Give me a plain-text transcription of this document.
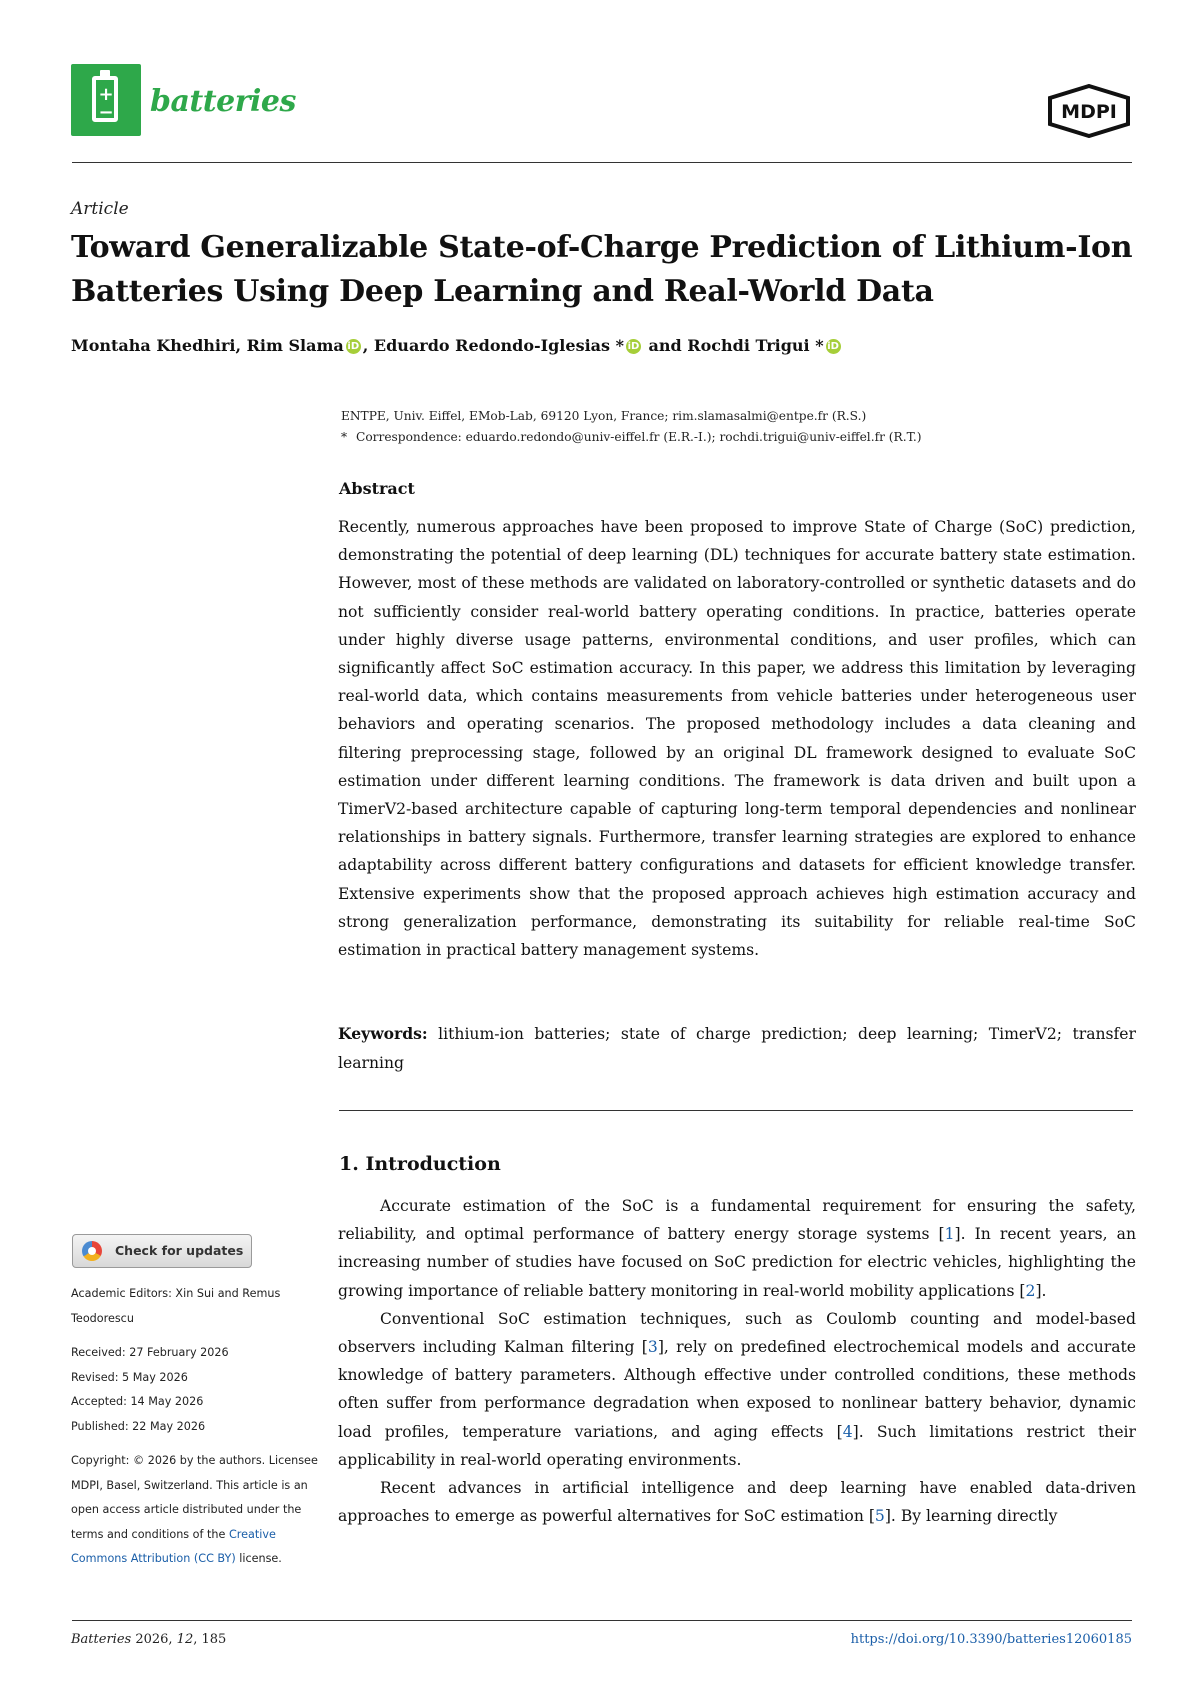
+
−	batteries	MDPI
Article
Toward Generalizable State-of-Charge Prediction of Lithium-Ion Batteries Using Deep Learning and Real-World Data
Montaha Khedhiri, Rim Slama iD , Eduardo Redondo-Iglesias * iD and Rochdi Trigui * iD
ENTPE, Univ. Eiffel, EMob-Lab, 69120 Lyon, France; rim.slamasalmi@entpe.fr (R.S.)
* Correspondence: eduardo.redondo@univ-eiffel.fr (E.R.-I.); rochdi.trigui@univ-eiffel.fr (R.T.)
Abstract
Recently, numerous approaches have been proposed to improve State of Charge (SoC) prediction, demonstrating the potential of deep learning (DL) techniques for accurate battery state estimation. However, most of these methods are validated on laboratory-controlled or synthetic datasets and do not sufficiently consider real-world battery operating conditions. In practice, batteries operate under highly diverse usage patterns, environmental conditions, and user profiles, which can significantly affect SoC estimation accuracy. In this paper, we address this limitation by leveraging real-world data, which contains measurements from vehicle batteries under heterogeneous user behaviors and operating scenarios. The proposed methodology includes a data cleaning and filtering preprocessing stage, followed by an original DL framework designed to evaluate SoC estimation under different learning conditions. The framework is data driven and built upon a TimerV2-based architecture capable of capturing long-term temporal dependencies and nonlinear relationships in battery signals. Furthermore, transfer learning strategies are explored to enhance adaptability across different battery configurations and datasets for efficient knowledge transfer. Extensive experiments show that the proposed approach achieves high estimation accuracy and strong generalization performance, demonstrating its suitability for reliable real-time SoC estimation in practical battery management systems.
Keywords: lithium-ion batteries; state of charge prediction; deep learning; TimerV2; transfer learning
1. Introduction

Accurate estimation of the SoC is a fundamental requirement for ensuring the safety, reliability, and optimal performance of battery energy storage systems [1]. In recent years, an increasing number of studies have focused on SoC prediction for electric vehicles, highlighting the growing importance of reliable battery monitoring in real-world mobility applications [2].

Conventional SoC estimation techniques, such as Coulomb counting and model-based observers including Kalman filtering [3], rely on predefined electrochemical models and accurate knowledge of battery parameters. Although effective under controlled conditions, these methods often suffer from performance degradation when exposed to nonlinear battery behavior, dynamic load profiles, temperature variations, and aging effects [4]. Such limitations restrict their applicability in real-world operating environments.

Recent advances in artificial intelligence and deep learning have enabled data-driven approaches to emerge as powerful alternatives for SoC estimation [5]. By learning directly

Check for updates
Academic Editors: Xin Sui and Remus Teodorescu
Received: 27 February 2026
Revised: 5 May 2026
Accepted: 14 May 2026
Published: 22 May 2026
Copyright: © 2026 by the authors. Licensee MDPI, Basel, Switzerland. This article is an open access article distributed under the terms and conditions of the Creative Commons Attribution (CC BY) license.
Batteries 2026, 12, 185	https://doi.org/10.3390/batteries12060185
